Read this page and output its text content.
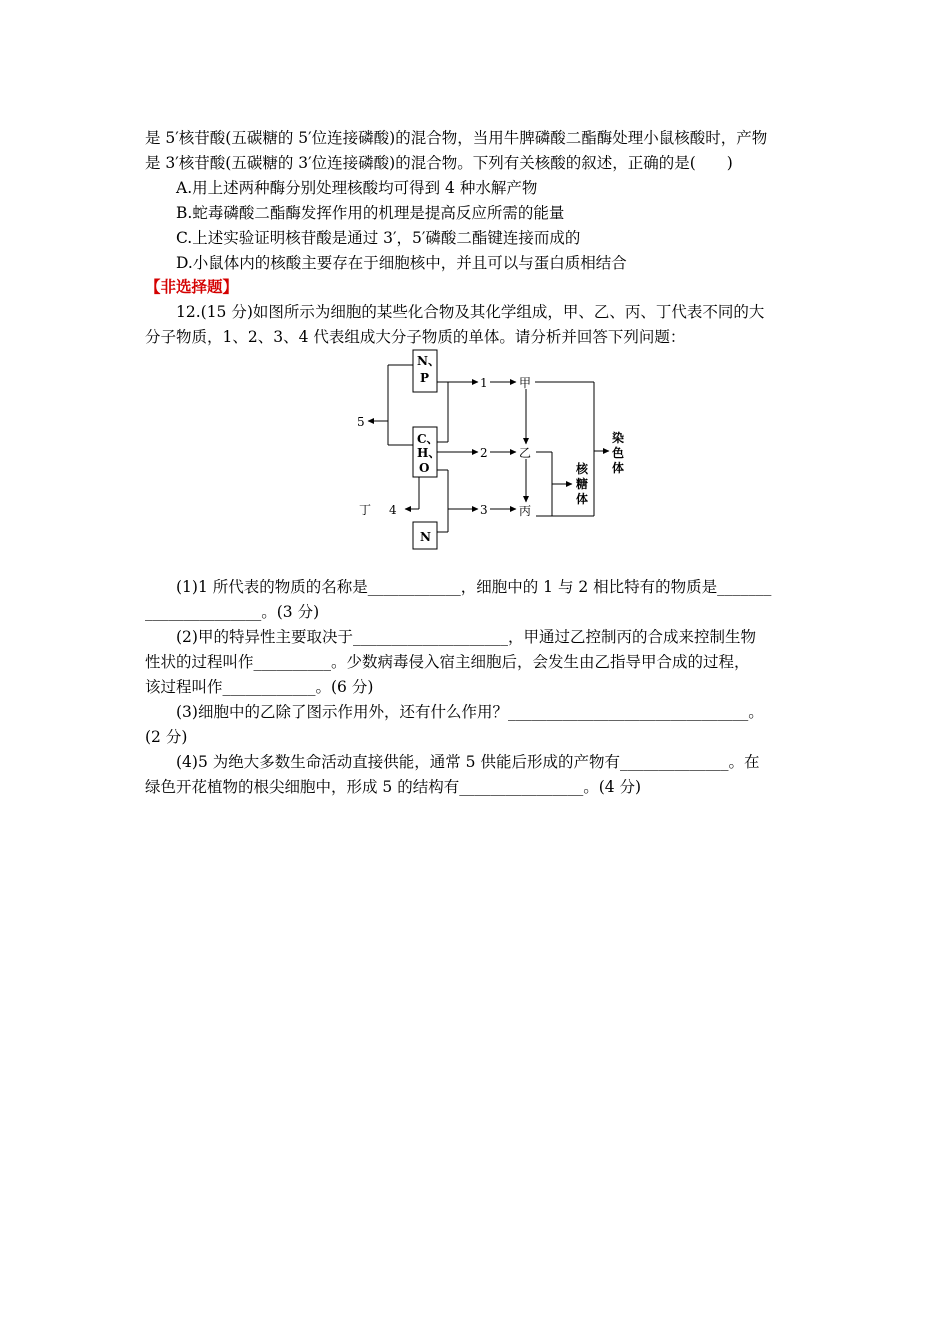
是 5′核苷酸(五碳糖的 5′位连接磷酸)的混合物，当用牛脾磷酸二酯酶处理小鼠核酸时，产物
是 3′核苷酸(五碳糖的 3′位连接磷酸)的混合物。下列有关核酸的叙述，正确的是(　　)
A.用上述两种酶分别处理核酸均可得到 4 种水解产物
B.蛇毒磷酸二酯酶发挥作用的机理是提高反应所需的能量
C.上述实验证明核苷酸是通过 3′，5′磷酸二酯键连接而成的
D.小鼠体内的核酸主要存在于细胞核中，并且可以与蛋白质相结合
【非选择题】
12.(15 分)如图所示为细胞的某些化合物及其化学组成，甲、乙、丙、丁代表不同的大
分子物质，1、2、3、4 代表组成大分子物质的单体。请分析并回答下列问题：
N、
P
C、
H、
O
N
1
2
3
4
5
丁
甲
乙
丙
核
糖
体
染
色
体
(1)1 所代表的物质的名称是____________，细胞中的 1 与 2 相比特有的物质是_______
_______________。(3 分)
(2)甲的特异性主要取决于____________________，甲通过乙控制丙的合成来控制生物
性状的过程叫作__________。少数病毒侵入宿主细胞后，会发生由乙指导甲合成的过程，
该过程叫作____________。(6 分)
(3)细胞中的乙除了图示作用外，还有什么作用？_______________________________。
(2 分)
(4)5 为绝大多数生命活动直接供能，通常 5 供能后形成的产物有______________。在
绿色开花植物的根尖细胞中，形成 5 的结构有________________。(4 分)
